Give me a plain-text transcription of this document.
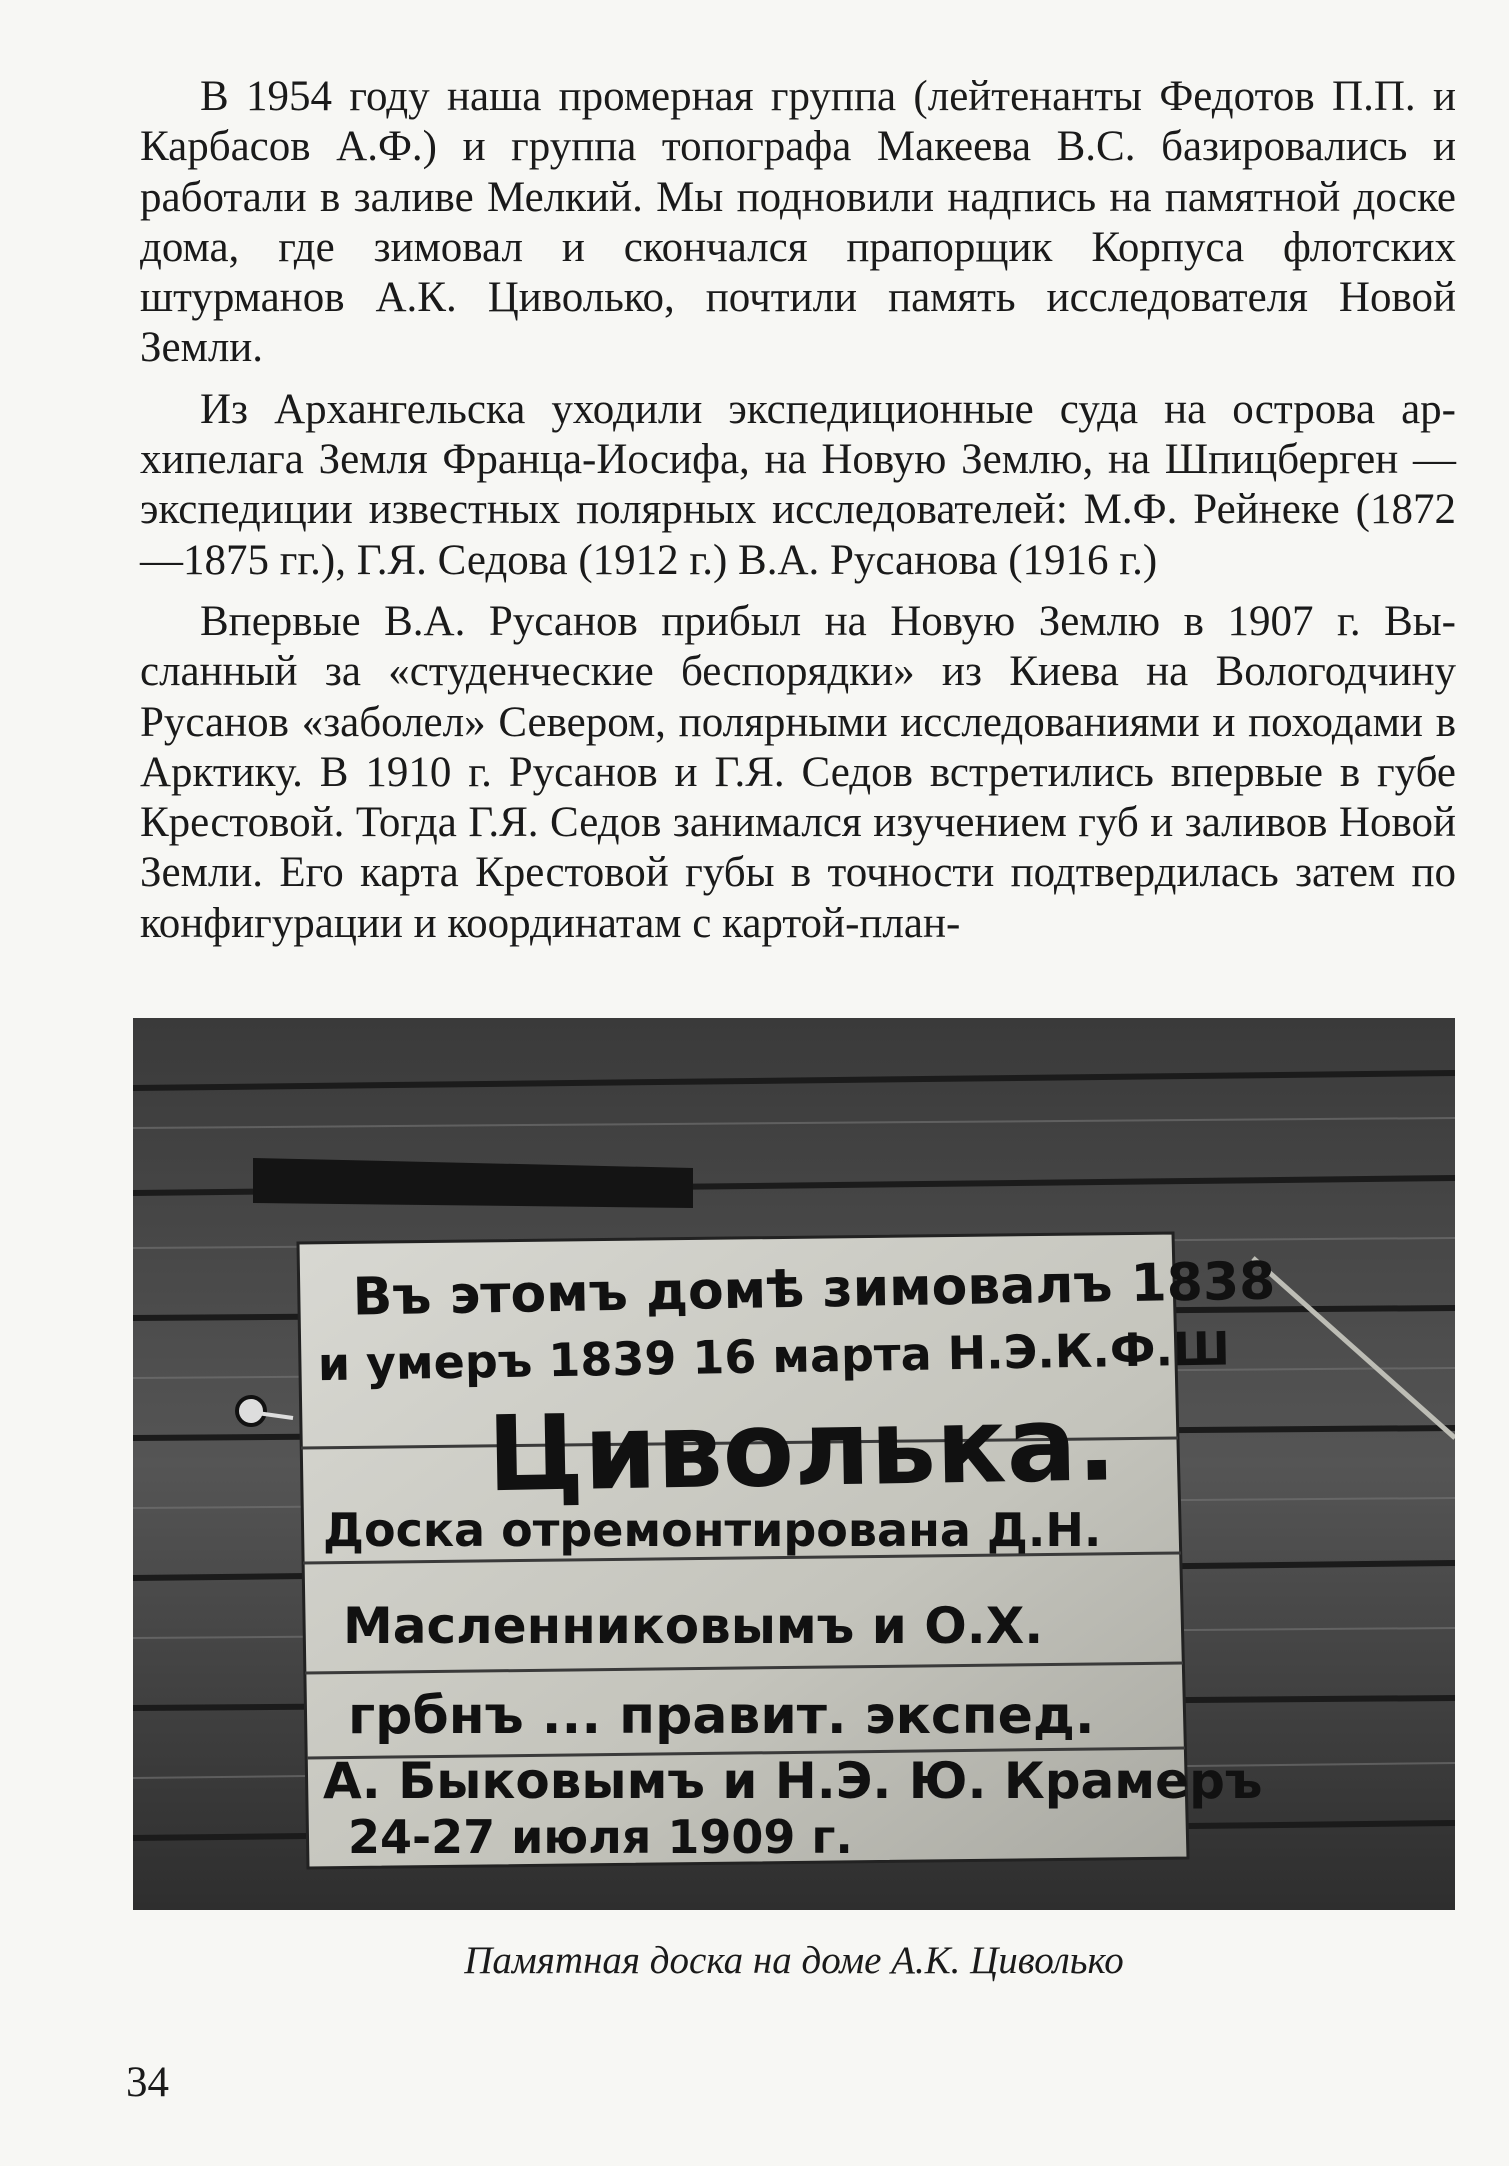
В 1954 году наша промерная группа (лейтенанты Федотов П.П. и Карбасов А.Ф.) и группа топографа Макеева В.С. базировались и работали в заливе Мелкий. Мы подновили надпись на памятной доске дома, где зимовал и скончался прапорщик Корпуса флотских штурманов А.К. Циволько, почтили память исследователя Новой Земли.

Из Архангельска уходили экспедиционные суда на острова архипелага Земля Франца-Иосифа, на Новую Землю, на Шпицберген — экспедиции известных полярных исследователей: М.Ф. Рейнеке (1872—1875 гг.), Г.Я. Седова (1912 г.) В.А. Русанова (1916 г.)

Впервые В.А. Русанов прибыл на Новую Землю в 1907 г. Высланный за «студенческие беспорядки» из Киева на Вологодчину Русанов «заболел» Севером, полярными исследованиями и походами в Арктику. В 1910 г. Русанов и Г.Я. Седов встретились впервые в губе Крестовой. Тогда Г.Я. Седов занимался изучением губ и заливов Новой Земли. Его карта Крестовой губы в точности подтвердилась затем по конфигурации и координатам с картой-план-

Въ этомъ домѣ зимовалъ 1838
и умеръ 1839 16 марта Н.Э.К.Ф.Ш
Циволька.
Доска отремонтирована Д.Н.
Масленниковымъ и О.Х.
грбнъ ... правит. экспед.
А. Быковымъ и Н.Э. Ю. Крамеръ
24-27 июля 1909 г.
Памятная доска на доме А.К. Циволько
34
